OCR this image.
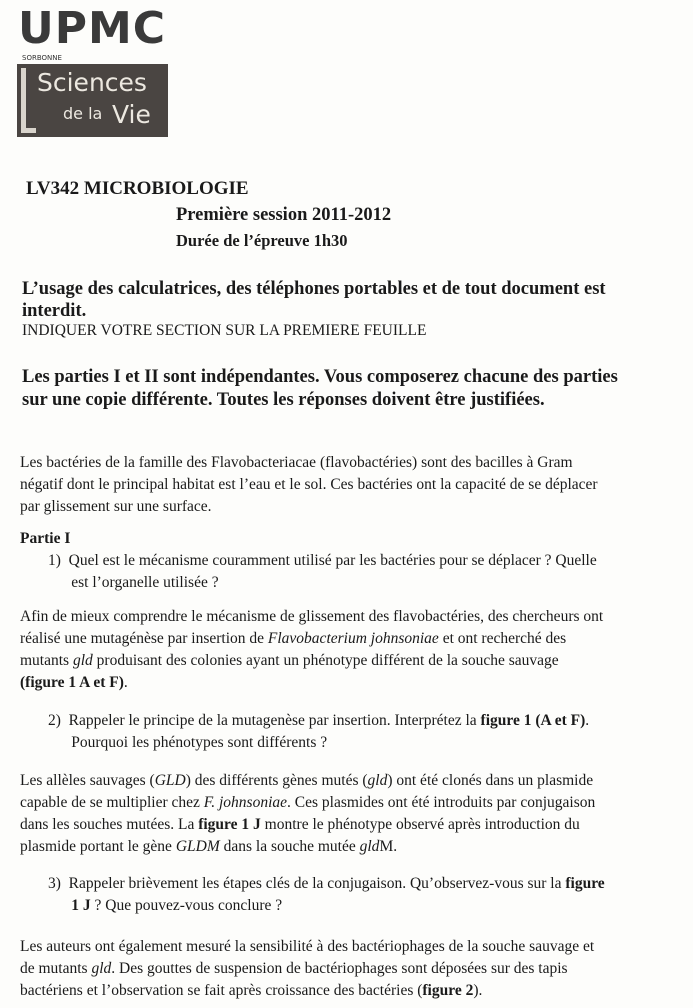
UPMC
SORBONNE
Sciences
de la Vie
LV342 MICROBIOLOGIE
Première session 2011-2012
Durée de l’épreuve 1h30
L’usage des calculatrices, des téléphones portables et de tout document est
interdit.
INDIQUER VOTRE SECTION SUR LA PREMIERE FEUILLE
Les parties I et II sont indépendantes. Vous composerez chacune des parties
sur une copie différente. Toutes les réponses doivent être justifiées.
Les bactéries de la famille des Flavobacteriacae (flavobactéries) sont des bacilles à Gram
négatif dont le principal habitat est l’eau et le sol. Ces bactéries ont la capacité de se déplacer
par glissement sur une surface.
Partie I
1)  Quel est le mécanisme couramment utilisé par les bactéries pour se déplacer ? Quelle
est l’organelle utilisée ?
Afin de mieux comprendre le mécanisme de glissement des flavobactéries, des chercheurs ont
réalisé une mutagénèse par insertion de Flavobacterium johnsoniae et ont recherché des
mutants gld produisant des colonies ayant un phénotype différent de la souche sauvage
(figure 1 A et F).
2)  Rappeler le principe de la mutagenèse par insertion. Interprétez la figure 1 (A et F).
Pourquoi les phénotypes sont différents ?
Les allèles sauvages (GLD) des différents gènes mutés (gld) ont été clonés dans un plasmide
capable de se multiplier chez F. johnsoniae. Ces plasmides ont été introduits par conjugaison
dans les souches mutées. La figure 1 J montre le phénotype observé après introduction du
plasmide portant le gène GLDM dans la souche mutée gldM.
3)  Rappeler brièvement les étapes clés de la conjugaison. Qu’observez-vous sur la figure
1 J ? Que pouvez-vous conclure ?
Les auteurs ont également mesuré la sensibilité à des bactériophages de la souche sauvage et
de mutants gld. Des gouttes de suspension de bactériophages sont déposées sur des tapis
bactériens et l’observation se fait après croissance des bactéries (figure 2).
